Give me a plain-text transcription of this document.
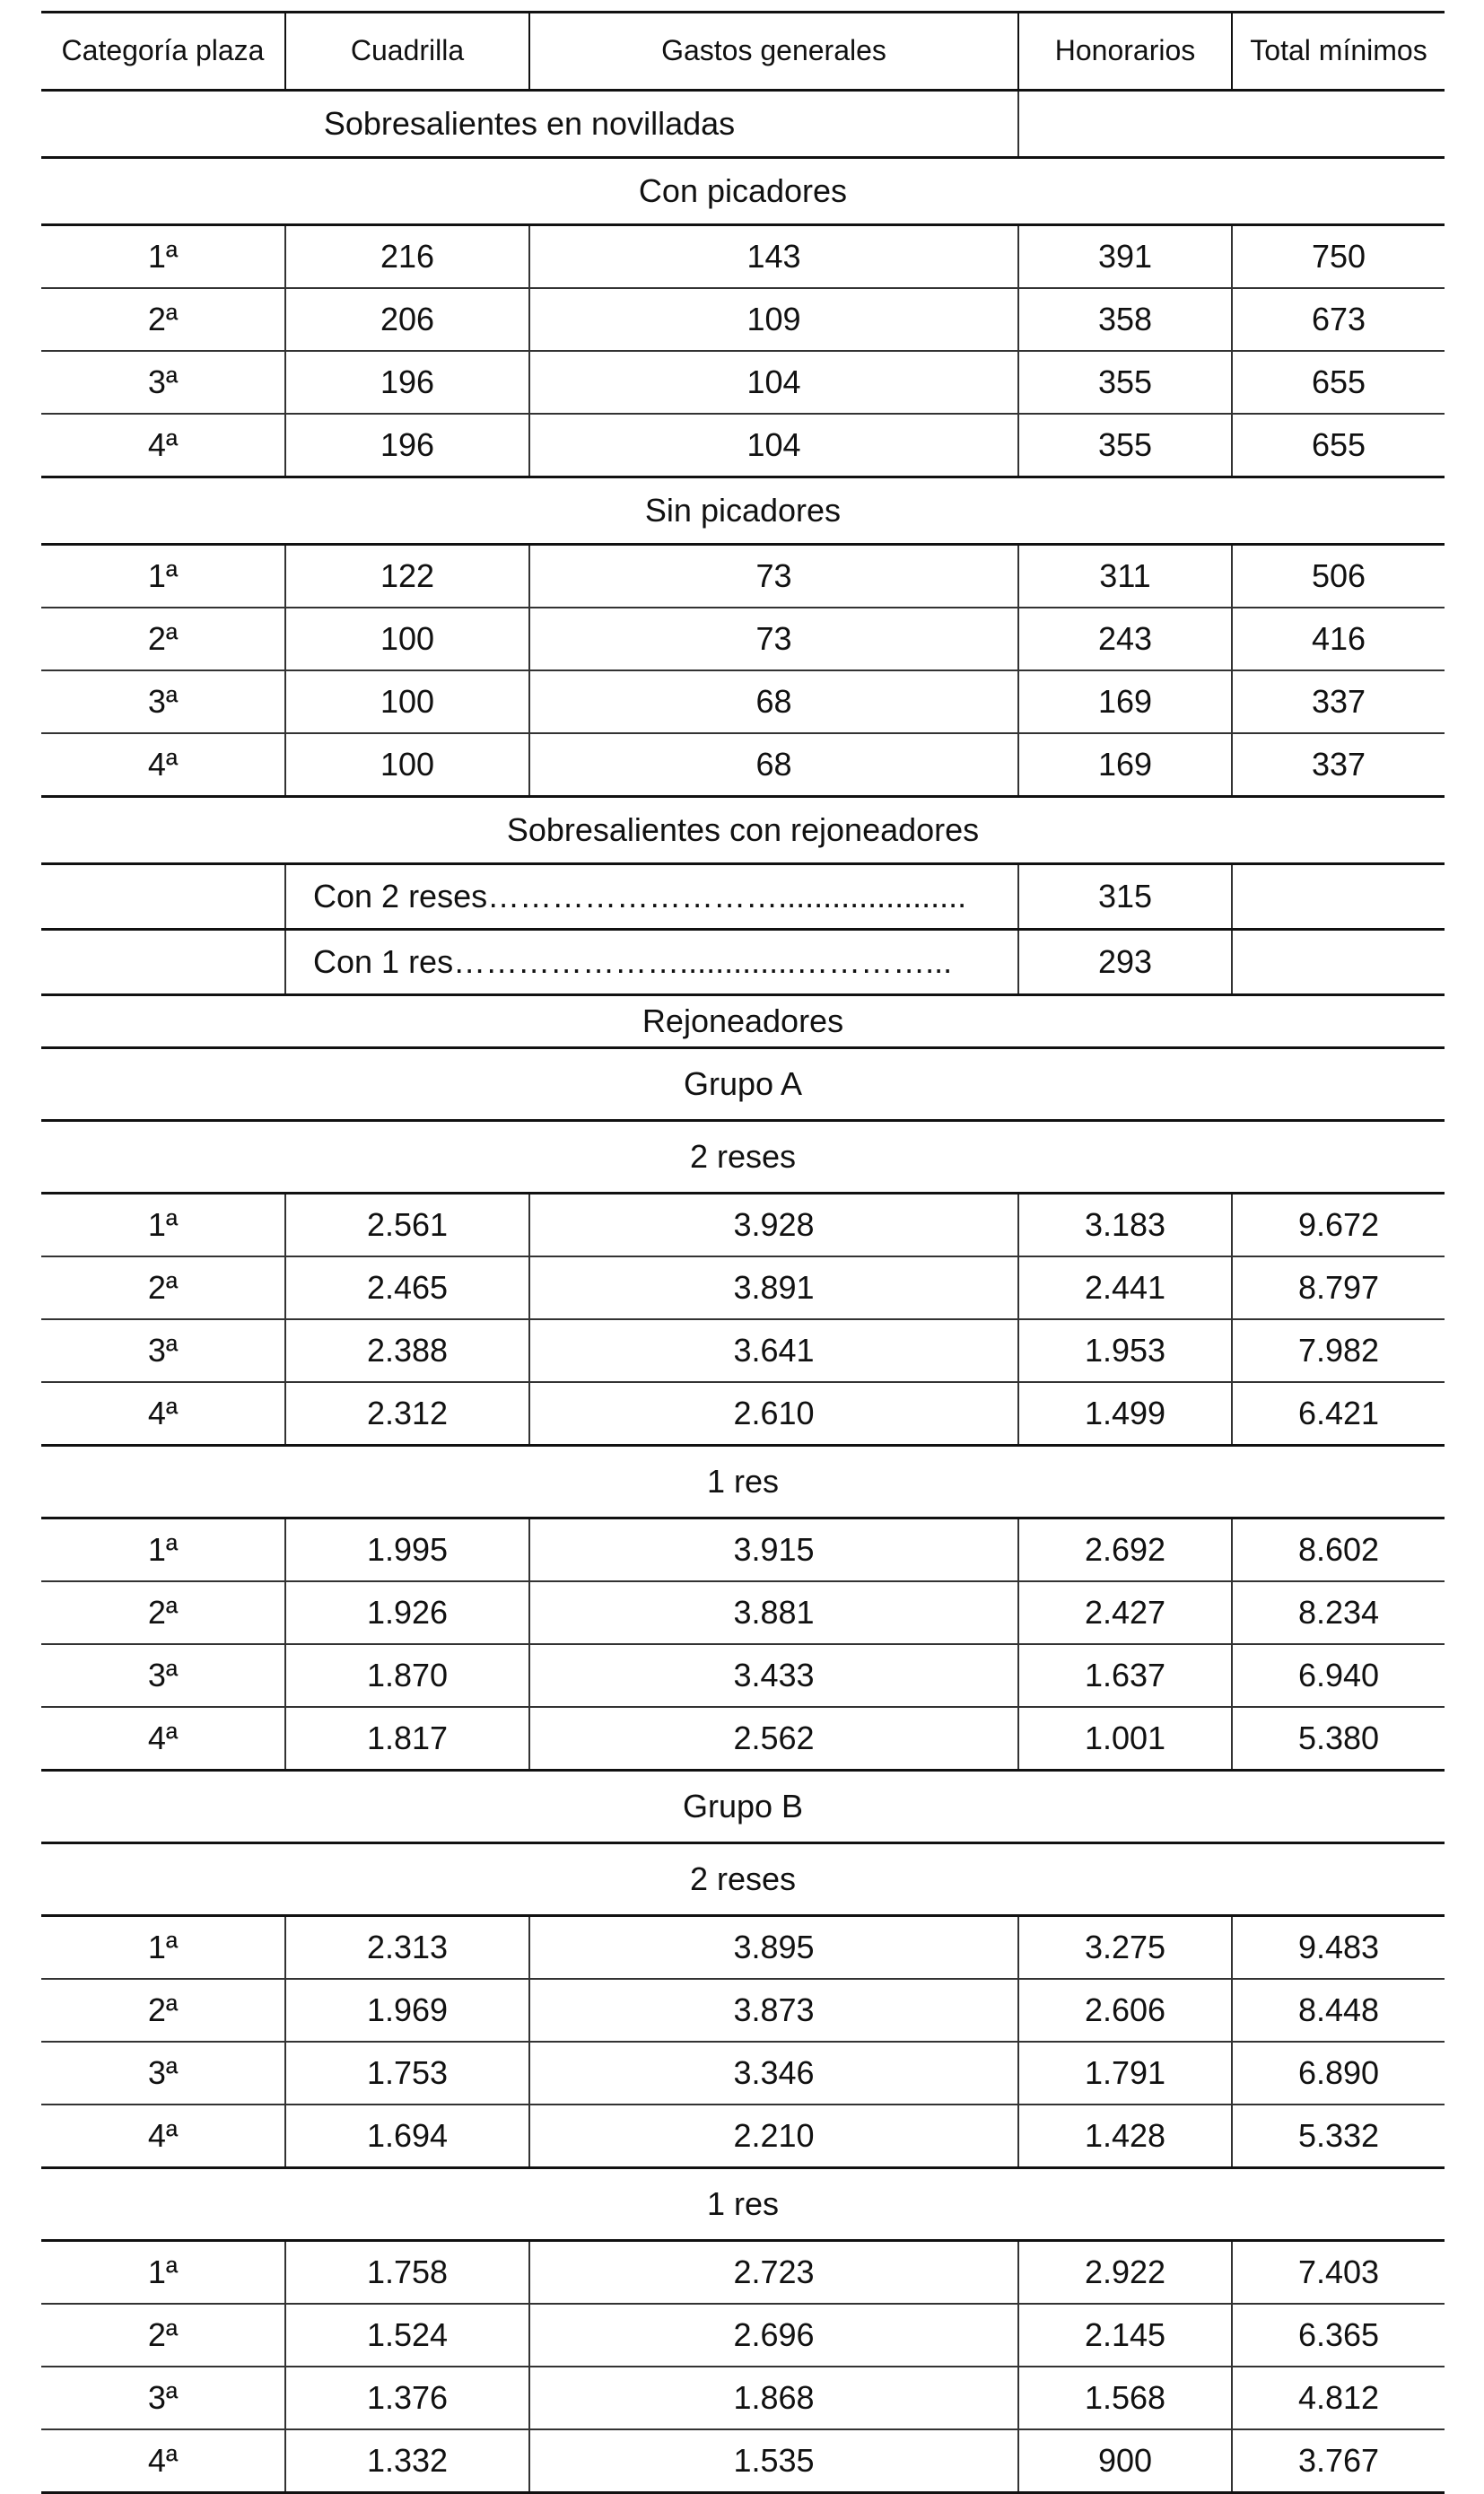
Categoría plaza	Cuadrilla	Gastos generales	Honorarios	Total mínimos
Sobresalientes en novilladas				
Con picadores				
1ª	216	143	391	750
2ª	206	109	358	673
3ª	196	104	355	655
4ª	196	104	355	655
Sin picadores				
1ª	122	73	311	506
2ª	100	73	243	416
3ª	100	68	169	337
4ª	100	68	169	337
Sobresalientes con rejoneadores				
	Con 2 reses……………………….....................		315	
	Con 1 res………………….............…………...		293	
Rejoneadores				
Grupo A				
2 reses				
1ª	2.561	3.928	3.183	9.672
2ª	2.465	3.891	2.441	8.797
3ª	2.388	3.641	1.953	7.982
4ª	2.312	2.610	1.499	6.421
1 res				
1ª	1.995	3.915	2.692	8.602
2ª	1.926	3.881	2.427	8.234
3ª	1.870	3.433	1.637	6.940
4ª	1.817	2.562	1.001	5.380
Grupo B				
2 reses				
1ª	2.313	3.895	3.275	9.483
2ª	1.969	3.873	2.606	8.448
3ª	1.753	3.346	1.791	6.890
4ª	1.694	2.210	1.428	5.332
1 res				
1ª	1.758	2.723	2.922	7.403
2ª	1.524	2.696	2.145	6.365
3ª	1.376	1.868	1.568	4.812
4ª	1.332	1.535	900	3.767
